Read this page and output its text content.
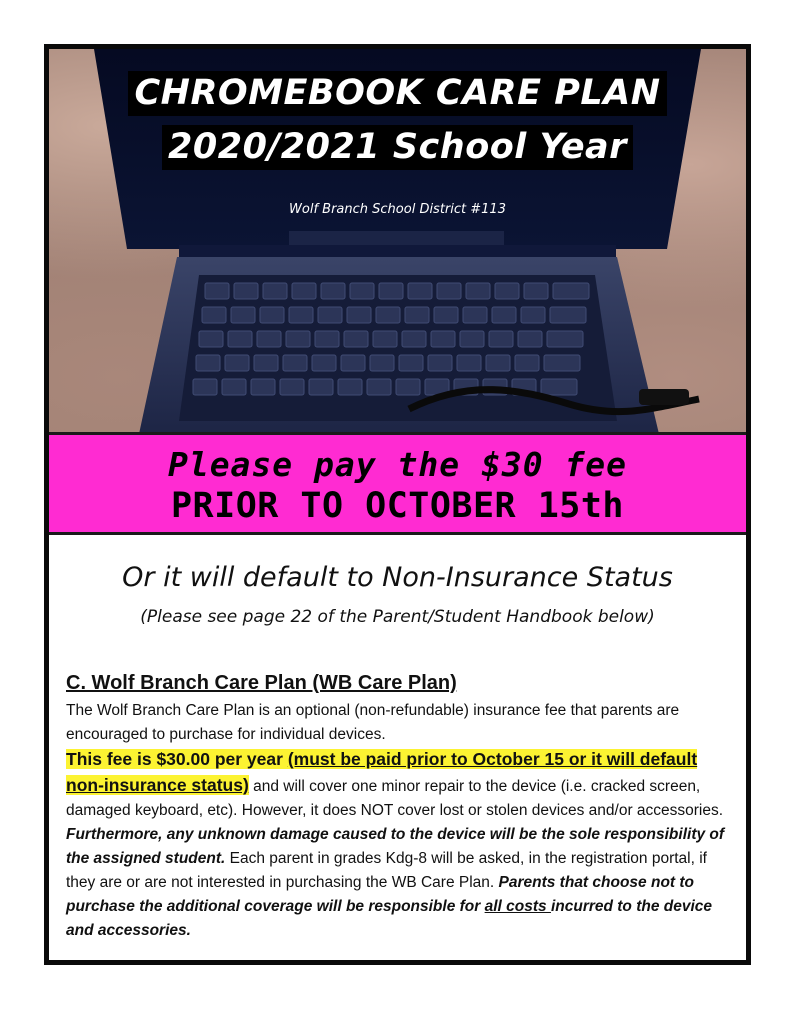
CHROMEBOOK CARE PLAN
2020/2021 School Year
Wolf Branch School District #113
Please pay the $30 fee
PRIOR TO OCTOBER 15th
Or it will default to Non-Insurance Status
(Please see page 22 of the Parent/Student Handbook below)
C. Wolf Branch Care Plan (WB Care Plan)

The Wolf Branch Care Plan is an optional (non-refundable) insurance fee that parents are encouraged to purchase for individual devices.

This fee is $30.00 per year (must be paid prior to October 15 or it will default non-insurance status) and will cover one minor repair to the device (i.e. cracked screen, damaged keyboard, etc). However, it does NOT cover lost or stolen devices and/or accessories. Furthermore, any unknown damage caused to the device will be the sole responsibility of the assigned student. Each parent in grades Kdg-8 will be asked, in the registration portal, if they are or are not interested in purchasing the WB Care Plan. Parents that choose not to purchase the additional coverage will be responsible for all costs incurred to the device and accessories.
